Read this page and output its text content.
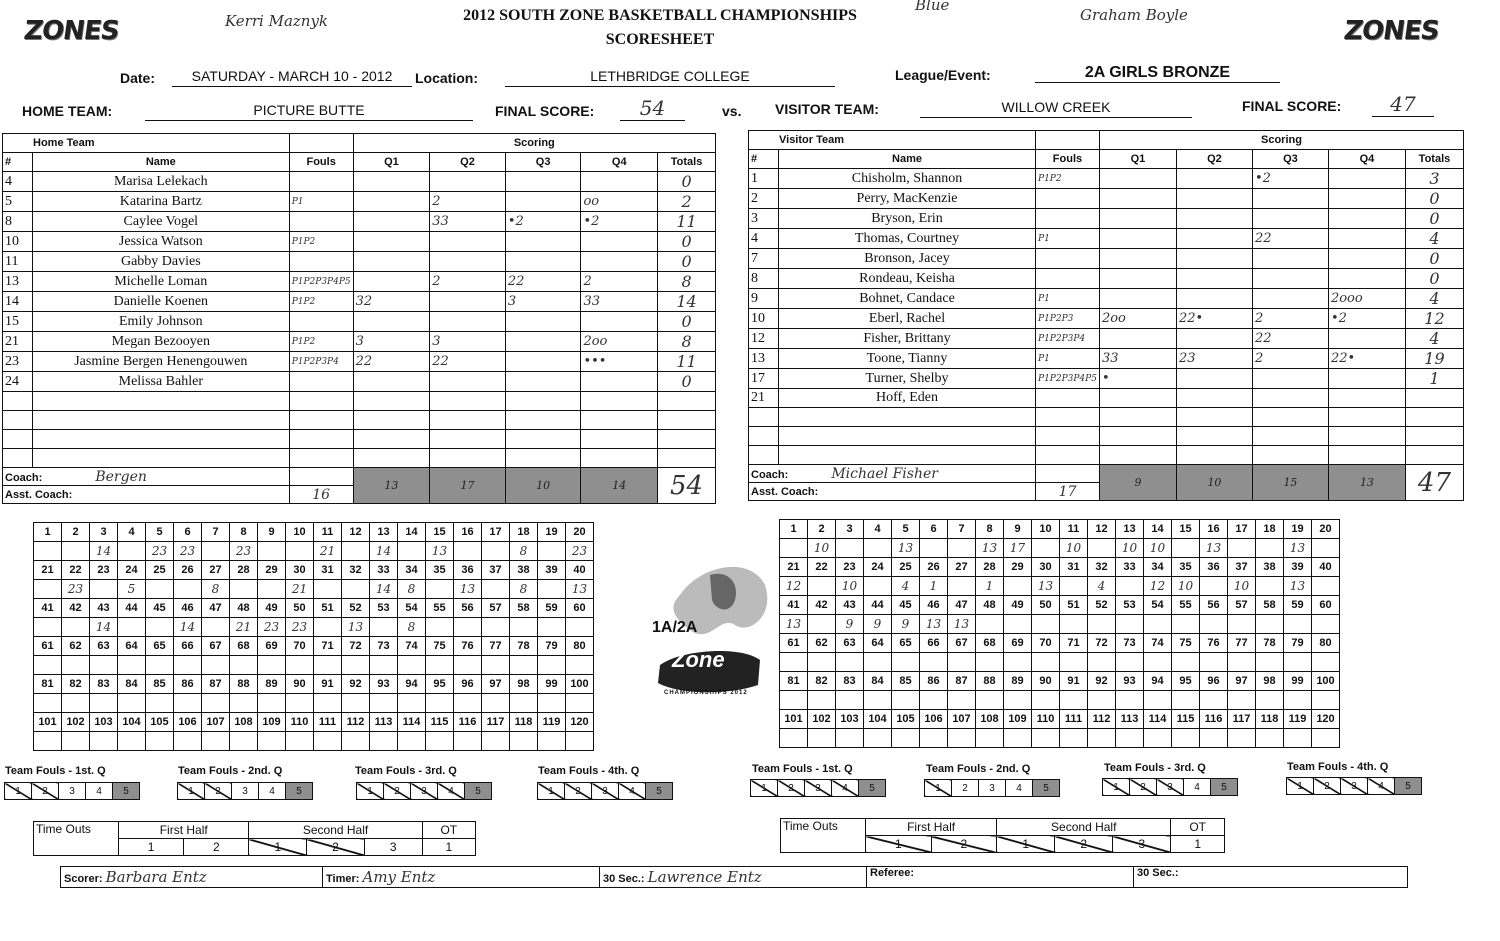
ZONES	ZONES
Kerri Maznyk
Blue
Graham Boyle
2012 SOUTH ZONE BASKETBALL CHAMPIONSHIPS
SCORESHEET
Date:	SATURDAY - MARCH 10 - 2012	Location:	LETHBRIDGE COLLEGE	League/Event:	2A GIRLS BRONZE
HOME TEAM:	PICTURE BUTTE	FINAL SCORE:	54	vs. VISITOR TEAM:	WILLOW CREEK	FINAL SCORE:	47
Home Team			Scoring				
#	Name	Fouls	Q1	Q2	Q3	Q4	Totals
4	Marisa Lelekach						0
5	Katarina Bartz	P1		2		oo	2
8	Caylee Vogel			33	•2	•2	11
10	Jessica Watson	P1P2					0
11	Gabby Davies						0
13	Michelle Loman	P1P2P3P4P5		2	22	2	8
14	Danielle Koenen	P1P2	32		3	33	14
15	Emily Johnson						0
21	Megan Bezooyen	P1P2	3	3		2oo	8
23	Jasmine Bergen Henengouwen	P1P2P3P4	22	22		•••	11
24	Melissa Bahler						0

Coach: Bergen			13	17	10	14	54
Asst. Coach:		16					
Visitor Team			Scoring				
#	Name	Fouls	Q1	Q2	Q3	Q4	Totals
1	Chisholm, Shannon	P1P2			•2		3
2	Perry, MacKenzie						0
3	Bryson, Erin						0
4	Thomas, Courtney	P1			22		4
7	Bronson, Jacey						0
8	Rondeau, Keisha						0
9	Bohnet, Candace	P1				2ooo	4
10	Eberl, Rachel	P1P2P3	2oo	22•	2	•2	12
12	Fisher, Brittany	P1P2P3P4			22		4
13	Toone, Tianny	P1	33	23	2	22•	19
17	Turner, Shelby	P1P2P3P4P5	•				1
21	Hoff, Eden						

Coach: Michael Fisher			9	10	15	13	47
Asst. Coach:		17					
1	2	3	4	5	6	7	8	9	10	11	12	13	14	15	16	17	18	19	20
		14		23	23		23			21		14		13			8		23
21	22	23	24	25	26	27	28	29	30	31	32	33	34	35	36	37	38	39	40
	23		5			8			21			14	8		13		8		13
41	42	43	44	45	46	47	48	49	50	51	52	53	54	55	56	57	58	59	60
		14			14		21	23	23		13		8						
61	62	63	64	65	66	67	68	69	70	71	72	73	74	75	76	77	78	79	80

81	82	83	84	85	86	87	88	89	90	91	92	93	94	95	96	97	98	99	100

101	102	103	104	105	106	107	108	109	110	111	112	113	114	115	116	117	118	119	120

1	2	3	4	5	6	7	8	9	10	11	12	13	14	15	16	17	18	19	20
	10			13			13	17		10		10	10		13			13	
21	22	23	24	25	26	27	28	29	30	31	32	33	34	35	36	37	38	39	40
12		10		4	1		1		13		4		12	10		10		13	
41	42	43	44	45	46	47	48	49	50	51	52	53	54	55	56	57	58	59	60
13		9	9	9	13	13													
61	62	63	64	65	66	67	68	69	70	71	72	73	74	75	76	77	78	79	80

81	82	83	84	85	86	87	88	89	90	91	92	93	94	95	96	97	98	99	100

101	102	103	104	105	106	107	108	109	110	111	112	113	114	115	116	117	118	119	120

1A/2A
Zone
CHAMPIONSHIPS 2012
Team Fouls - 1st. Q	Team Fouls - 2nd. Q	Team Fouls - 3rd. Q	Team Fouls - 4th. Q
1	2	3	4	5	1	2	3	4	5	1	2	3	4	5	1	2	3	4	5
Team Fouls - 1st. Q	Team Fouls - 2nd. Q	Team Fouls - 3rd. Q	Team Fouls - 4th. Q
1	2	3	4	5	1	2	3	4	5	1	2	3	4	5	1	2	3	4	5
Time Outs	First Half		Second Half			OT
	1	2	1	2	3	1
Time Outs	First Half		Second Half			OT
	1	2	1	2	3	1
Scorer: Barbara Entz	Timer: Amy Entz	30 Sec.: Lawrence Entz	Referee:	30 Sec.:
